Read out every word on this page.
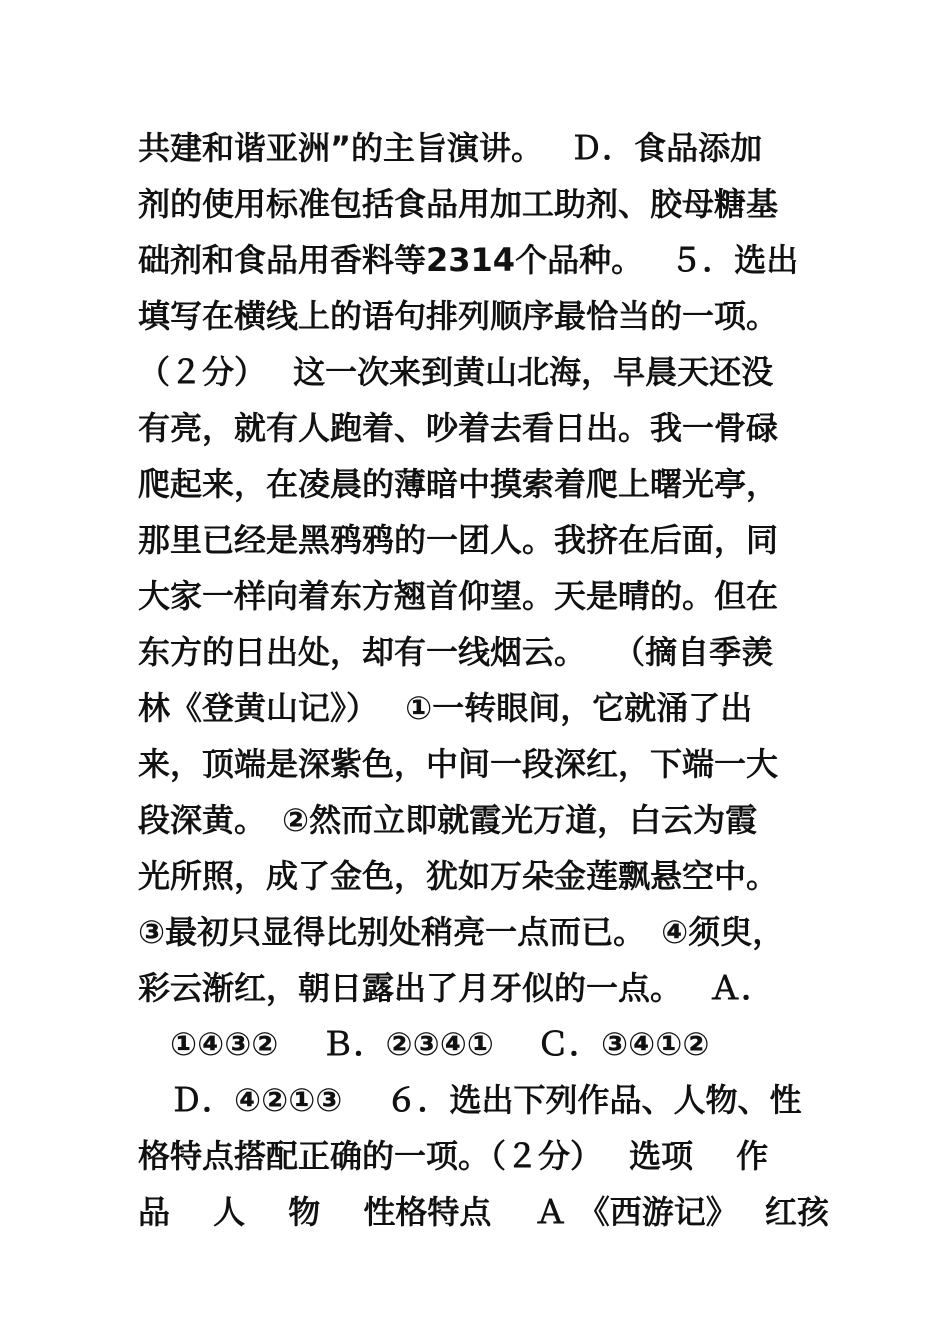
共建和谐亚洲”的主旨演讲。　 Ｄ．食品添加
剂的使用标准包括食品用加工助剂、胶母糖基
础剂和食品用香料等2314个品种。　 ５．选出
填写在横线上的语句排列顺序最恰当的一项。
（２分）　 这一次来到黄山北海，早晨天还没
有亮，就有人跑着、吵着去看日出。我一骨碌
爬起来，在凌晨的薄暗中摸索着爬上曙光亭，
那里已经是黑鸦鸦的一团人。我挤在后面，同
大家一样向着东方翘首仰望。天是晴的。但在
东方的日出处，却有一线烟云。　 （摘自季羡
林《登黄山记》）　 ①一转眼间，它就涌了出
来，顶端是深紫色，中间一段深红，下端一大
段深黄。　②然而立即就霞光万道，白云为霞
光所照，成了金色，犹如万朵金莲飘悬空中。
③最初只显得比别处稍亮一点而已。　④须臾，
彩云渐红，朝日露出了月牙似的一点。　 Ａ．
　①④③②　 Ｂ．②③④①　 Ｃ．③④①②
　Ｄ．④②①③　 ６．选出下列作品、人物、性
格特点搭配正确的一项。（２分）　 选项　 作
品　 人　 物　 性格特点　 Ａ 《西游记》　 红孩
